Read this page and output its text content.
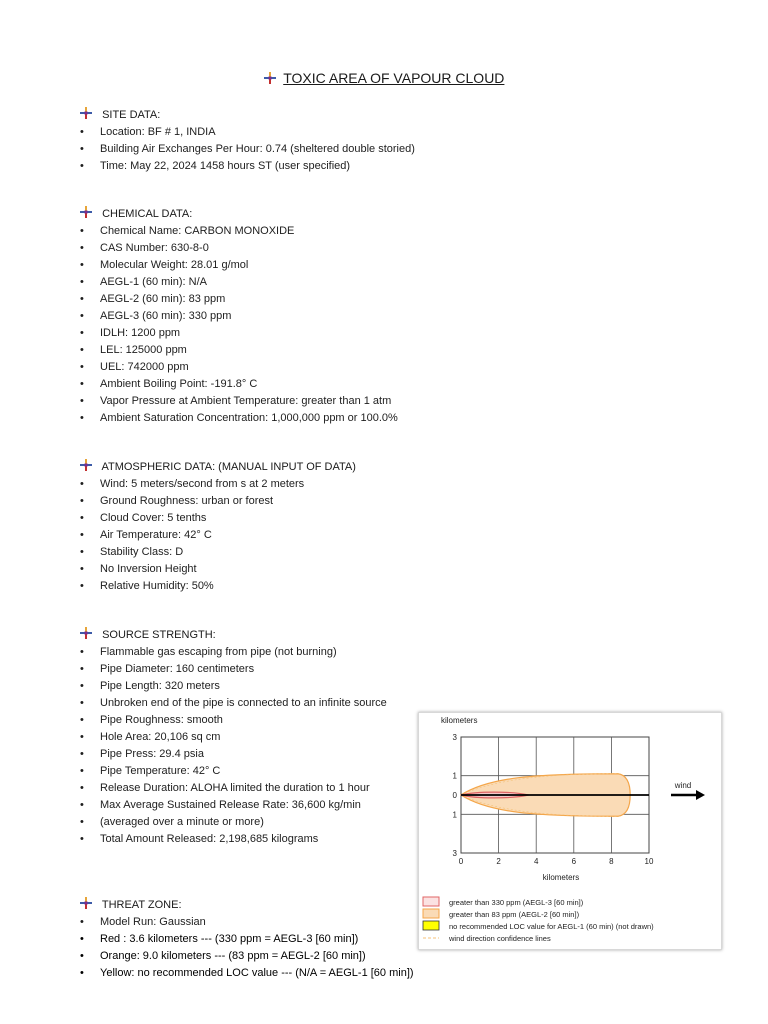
TOXIC AREA OF VAPOUR CLOUD
SITE DATA:
• Location: BF # 1, INDIA
• Building Air Exchanges Per Hour: 0.74 (sheltered double storied)
• Time: May 22, 2024 1458 hours ST (user specified)
CHEMICAL DATA:
• Chemical Name: CARBON MONOXIDE
• CAS Number: 630-8-0
• Molecular Weight: 28.01 g/mol
• AEGL-1 (60 min): N/A
• AEGL-2 (60 min): 83 ppm
• AEGL-3 (60 min): 330 ppm
• IDLH: 1200 ppm
• LEL: 125000 ppm
• UEL: 742000 ppm
• Ambient Boiling Point: -191.8° C
• Vapor Pressure at Ambient Temperature: greater than 1 atm
• Ambient Saturation Concentration: 1,000,000 ppm or 100.0%
ATMOSPHERIC DATA: (MANUAL INPUT OF DATA)
• Wind: 5 meters/second from s at 2 meters
• Ground Roughness: urban or forest
• Cloud Cover: 5 tenths
• Air Temperature: 42° C
• Stability Class: D
• No Inversion Height
• Relative Humidity: 50%
SOURCE STRENGTH:
• Flammable gas escaping from pipe (not burning)
• Pipe Diameter: 160 centimeters
• Pipe Length: 320 meters
• Unbroken end of the pipe is connected to an infinite source
• Pipe Roughness: smooth
• Hole Area: 20,106 sq cm
• Pipe Press: 29.4 psia
• Pipe Temperature: 42° C
• Release Duration: ALOHA limited the duration to 1 hour
• Max Average Sustained Release Rate: 36,600 kg/min
• (averaged over a minute or more)
• Total Amount Released: 2,198,685 kilograms
THREAT ZONE:
• Model Run: Gaussian
• Red : 3.6 kilometers --- (330 ppm = AEGL-3 [60 min])
• Orange: 9.0 kilometers --- (83 ppm = AEGL-2 [60 min])
• Yellow: no recommended LOC value --- (N/A = AEGL-1 [60 min])
kilometers
kilometers
wind
greater than 330 ppm (AEGL-3 [60 min])
greater than 83 ppm (AEGL-2 [60 min])
no recommended LOC value for AEGL-1 (60 min) (not drawn)
wind direction confidence lines
0	2	4	6	8	10
3
1
0
1
3
